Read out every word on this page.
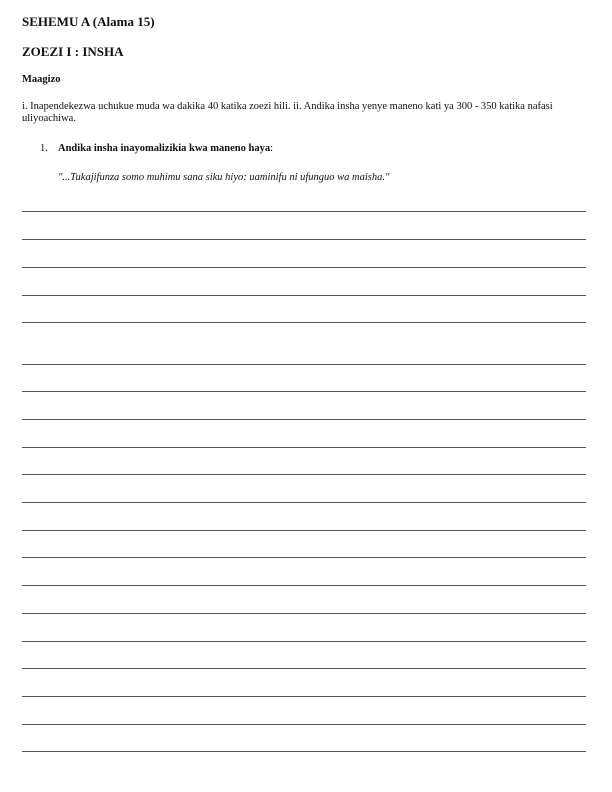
SEHEMU A (Alama 15)
ZOEZI I : INSHA
Maagizo

i. Inapendekezwa uchukue muda wa dakika 40 katika zoezi hili. ii. Andika insha yenye maneno kati ya 300 - 350 katika nafasi uliyoachiwa.

1. Andika insha inayomalizikia kwa maneno haya:

"...Tukajifunza somo muhimu sana siku hiyo: uaminifu ni ufunguo wa maisha."
